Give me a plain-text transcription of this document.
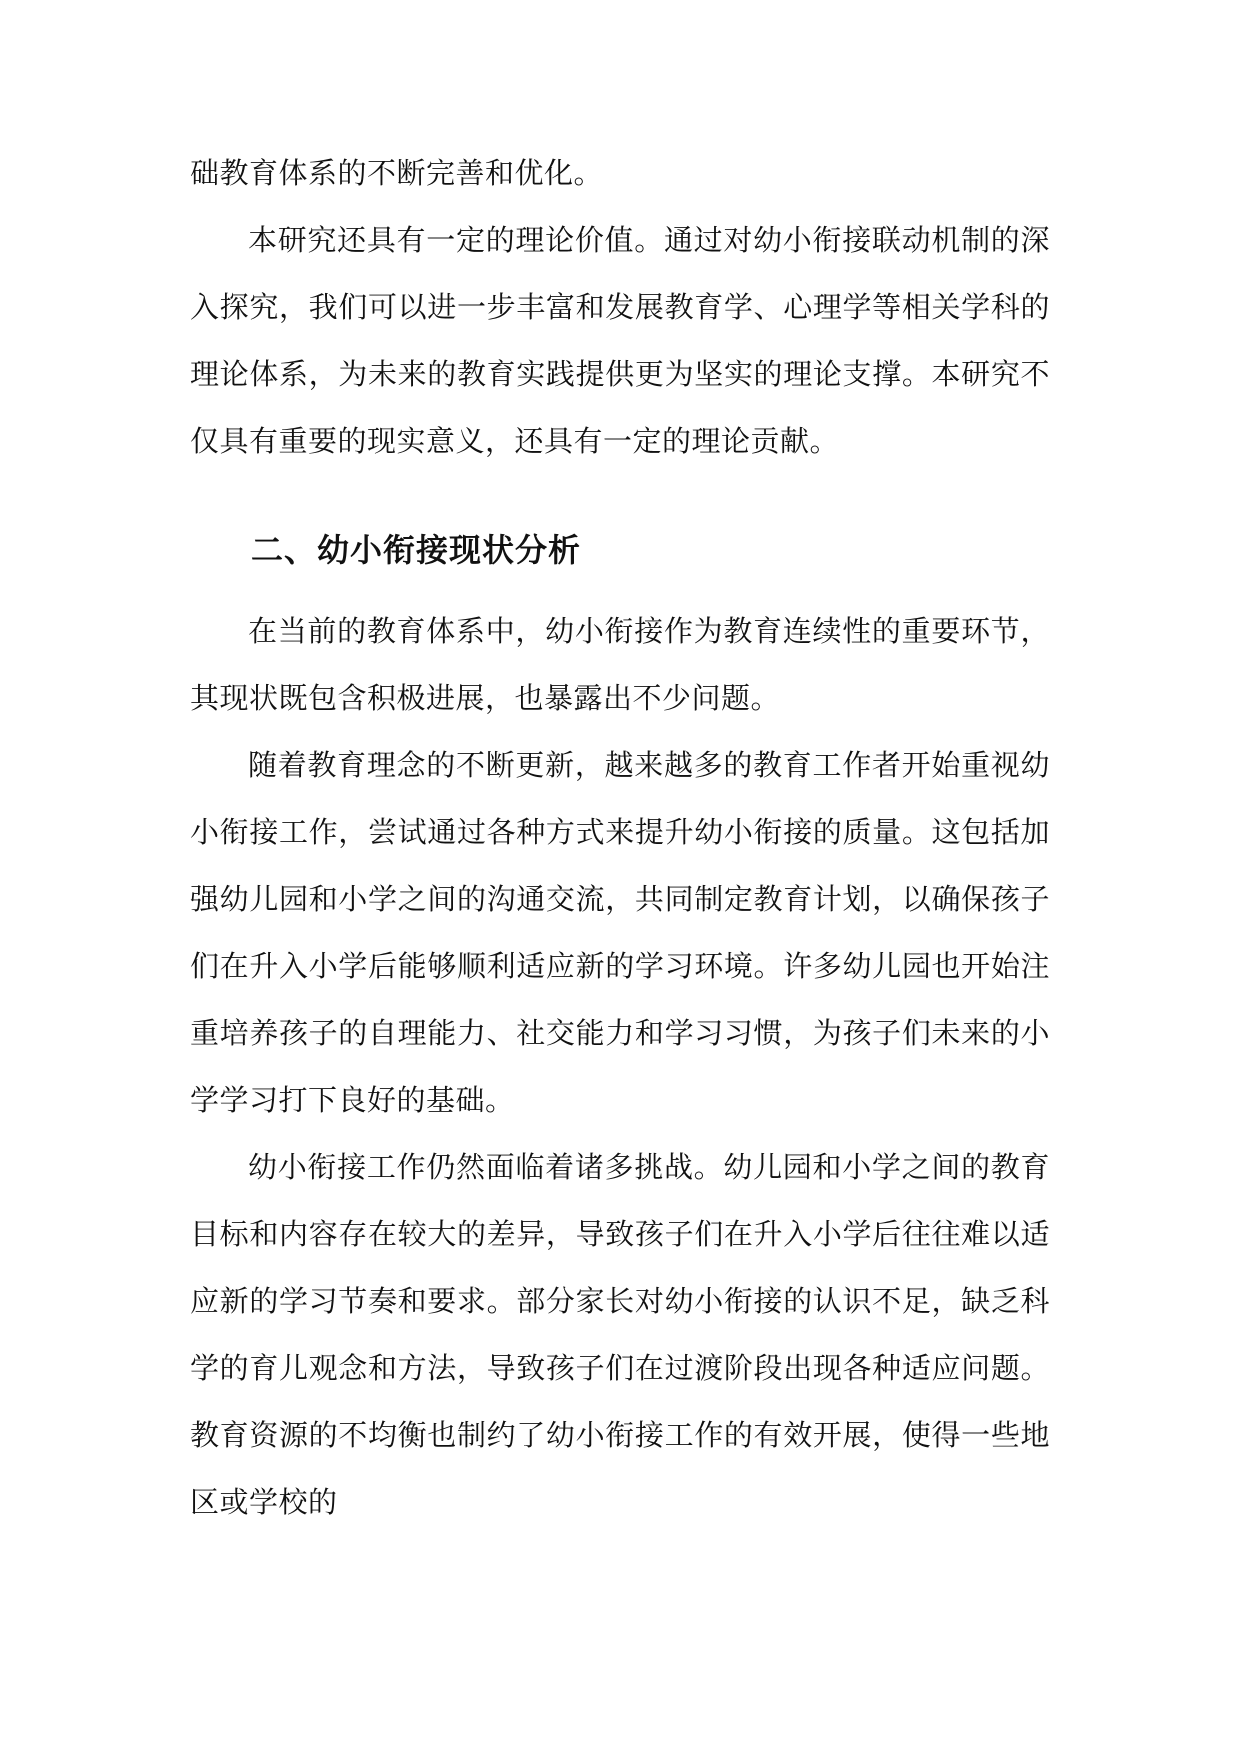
础教育体系的不断完善和优化。

本研究还具有一定的理论价值。通过对幼小衔接联动机制的深入探究，我们可以进一步丰富和发展教育学、心理学等相关学科的理论体系，为未来的教育实践提供更为坚实的理论支撑。本研究不仅具有重要的现实意义，还具有一定的理论贡献。

二、幼小衔接现状分析

在当前的教育体系中，幼小衔接作为教育连续性的重要环节，其现状既包含积极进展，也暴露出不少问题。

随着教育理念的不断更新，越来越多的教育工作者开始重视幼小衔接工作，尝试通过各种方式来提升幼小衔接的质量。这包括加强幼儿园和小学之间的沟通交流，共同制定教育计划，以确保孩子们在升入小学后能够顺利适应新的学习环境。许多幼儿园也开始注重培养孩子的自理能力、社交能力和学习习惯，为孩子们未来的小学学习打下良好的基础。

幼小衔接工作仍然面临着诸多挑战。幼儿园和小学之间的教育目标和内容存在较大的差异，导致孩子们在升入小学后往往难以适应新的学习节奏和要求。部分家长对幼小衔接的认识不足，缺乏科学的育儿观念和方法，导致孩子们在过渡阶段出现各种适应问题。教育资源的不均衡也制约了幼小衔接工作的有效开展，使得一些地区或学校的
